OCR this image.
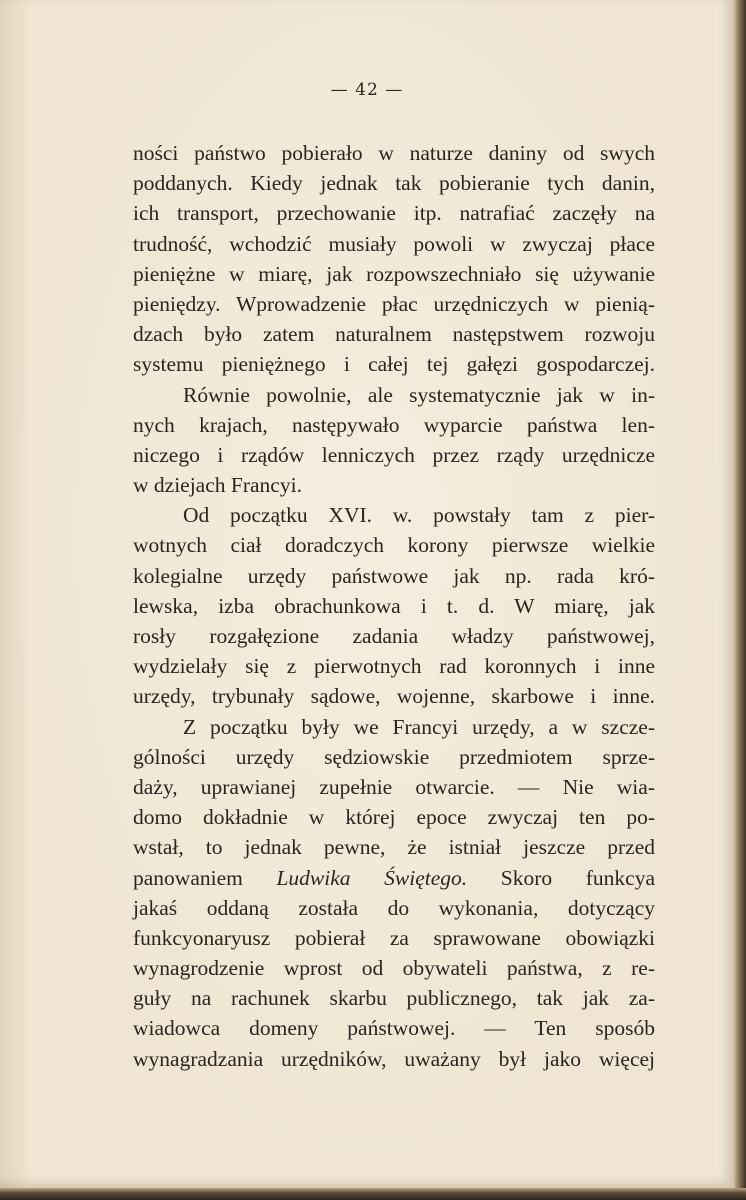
— 42 —
ności państwo pobierało w naturze daniny od swych
poddanych. Kiedy jednak tak pobieranie tych danin,
ich transport, przechowanie itp. natrafiać zaczęły na
trudność, wchodzić musiały powoli w zwyczaj płace
pieniężne w miarę, jak rozpowszechniało się używanie
pieniędzy. Wprowadzenie płac urzędniczych w pienią-
dzach było zatem naturalnem następstwem rozwoju
systemu pieniężnego i całej tej gałęzi gospodarczej.
Równie powolnie, ale systematycznie jak w in-
nych krajach, następywało wyparcie państwa len-
niczego i rządów lenniczych przez rządy urzędnicze
w dziejach Francyi.
Od początku XVI. w. powstały tam z pier-
wotnych ciał doradczych korony pierwsze wielkie
kolegialne urzędy państwowe jak np. rada kró-
lewska, izba obrachunkowa i t. d. W miarę, jak
rosły rozgałęzione zadania władzy państwowej,
wydzielały się z pierwotnych rad koronnych i inne
urzędy, trybunały sądowe, wojenne, skarbowe i inne.
Z początku były we Francyi urzędy, a w szcze-
gólności urzędy sędziowskie przedmiotem sprze-
daży, uprawianej zupełnie otwarcie. — Nie wia-
domo dokładnie w której epoce zwyczaj ten po-
wstał, to jednak pewne, że istniał jeszcze przed
panowaniem Ludwika Świętego. Skoro funkcya
jakaś oddaną została do wykonania, dotyczący
funkcyonaryusz pobierał za sprawowane obowiązki
wynagrodzenie wprost od obywateli państwa, z re-
guły na rachunek skarbu publicznego, tak jak za-
wiadowca domeny państwowej. — Ten sposób
wynagradzania urzędników, uważany był jako więcej
